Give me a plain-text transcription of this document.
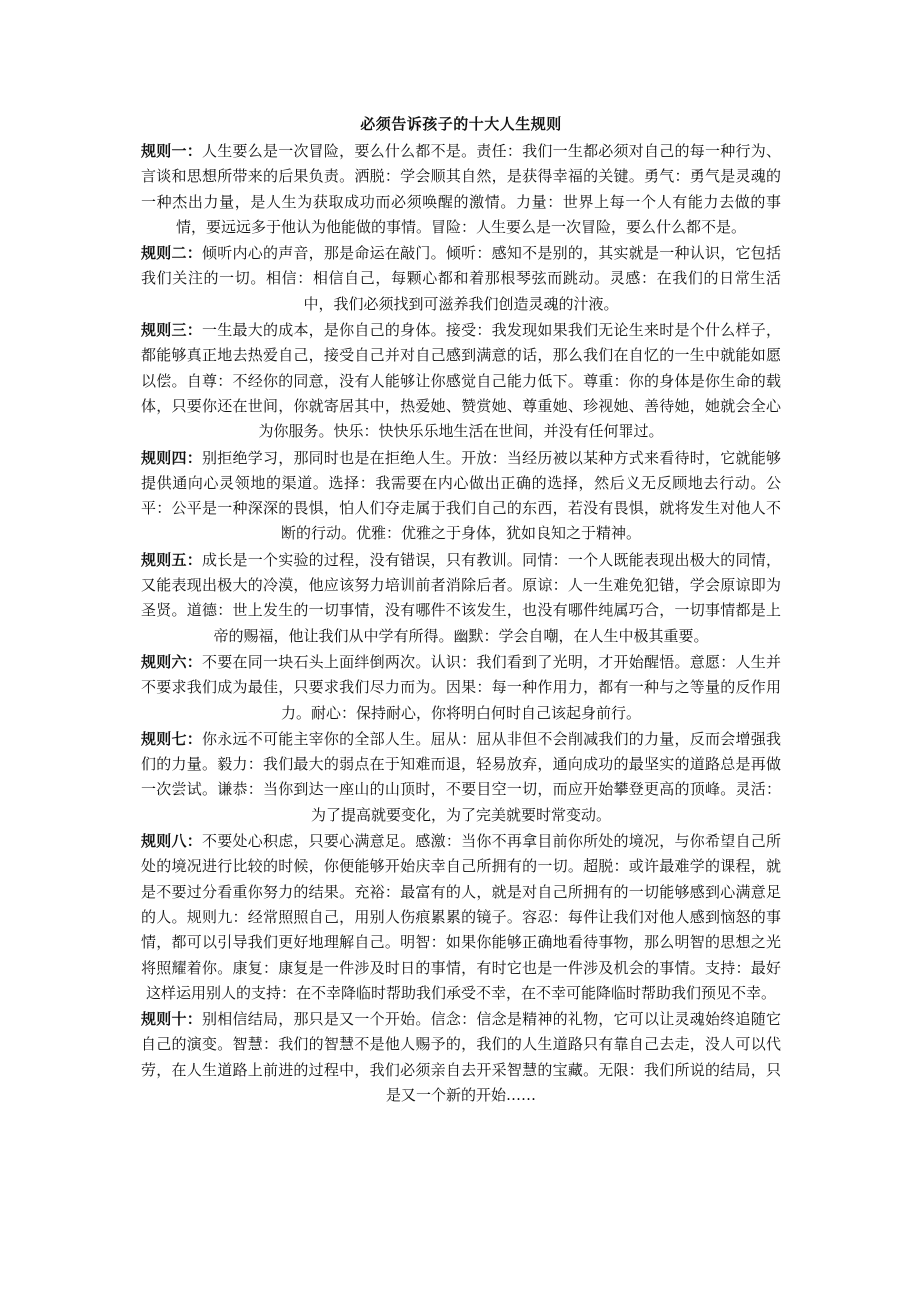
必须告诉孩子的十大人生规则

规则一：人生要么是一次冒险，要么什么都不是。责任：我们一生都必须对自己的每一种行为、言谈和思想所带来的后果负责。洒脱：学会顺其自然，是获得幸福的关键。勇气：勇气是灵魂的一种杰出力量，是人生为获取成功而必须唤醒的激情。力量：世界上每一个人有能力去做的事情，要远远多于他认为他能做的事情。冒险：人生要么是一次冒险，要么什么都不是。

规则二：倾听内心的声音，那是命运在敲门。倾听：感知不是别的，其实就是一种认识，它包括我们关注的一切。相信：相信自己，每颗心都和着那根琴弦而跳动。灵感：在我们的日常生活中，我们必须找到可滋养我们创造灵魂的汁液。

规则三：一生最大的成本，是你自己的身体。接受：我发现如果我们无论生来时是个什么样子，都能够真正地去热爱自己，接受自己并对自己感到满意的话，那么我们在自忆的一生中就能如愿以偿。自尊：不经你的同意，没有人能够让你感觉自己能力低下。尊重：你的身体是你生命的载体，只要你还在世间，你就寄居其中，热爱她、赞赏她、尊重她、珍视她、善待她，她就会全心为你服务。快乐：快快乐乐地生活在世间，并没有任何罪过。

规则四：别拒绝学习，那同时也是在拒绝人生。开放：当经历被以某种方式来看待时，它就能够提供通向心灵领地的渠道。选择：我需要在内心做出正确的选择，然后义无反顾地去行动。公平：公平是一种深深的畏惧，怕人们夺走属于我们自己的东西，若没有畏惧，就将发生对他人不断的行动。优雅：优雅之于身体，犹如良知之于精神。

规则五：成长是一个实验的过程，没有错误，只有教训。同情：一个人既能表现出极大的同情，又能表现出极大的冷漠，他应该努力培训前者消除后者。原谅：人一生难免犯错，学会原谅即为圣贤。道德：世上发生的一切事情，没有哪件不该发生，也没有哪件纯属巧合，一切事情都是上帝的赐福，他让我们从中学有所得。幽默：学会自嘲，在人生中极其重要。

规则六：不要在同一块石头上面绊倒两次。认识：我们看到了光明，才开始醒悟。意愿：人生并不要求我们成为最佳，只要求我们尽力而为。因果：每一种作用力，都有一种与之等量的反作用力。耐心：保持耐心，你将明白何时自己该起身前行。

规则七：你永远不可能主宰你的全部人生。屈从：屈从非但不会削减我们的力量，反而会增强我们的力量。毅力：我们最大的弱点在于知难而退，轻易放弃，通向成功的最坚实的道路总是再做一次尝试。谦恭：当你到达一座山的山顶时，不要目空一切，而应开始攀登更高的顶峰。灵活：为了提高就要变化，为了完美就要时常变动。

规则八：不要处心积虑，只要心满意足。感激：当你不再拿目前你所处的境况，与你希望自己所处的境况进行比较的时候，你便能够开始庆幸自己所拥有的一切。超脱：或许最难学的课程，就是不要过分看重你努力的结果。充裕：最富有的人，就是对自己所拥有的一切能够感到心满意足的人。规则九：经常照照自己，用别人伤痕累累的镜子。容忍：每件让我们对他人感到恼怒的事情，都可以引导我们更好地理解自己。明智：如果你能够正确地看待事物，那么明智的思想之光将照耀着你。康复：康复是一件涉及时日的事情，有时它也是一件涉及机会的事情。支持：最好这样运用别人的支持：在不幸降临时帮助我们承受不幸，在不幸可能降临时帮助我们预见不幸。

规则十：别相信结局，那只是又一个开始。信念：信念是精神的礼物，它可以让灵魂始终追随它自己的演变。智慧：我们的智慧不是他人赐予的，我们的人生道路只有靠自己去走，没人可以代劳，在人生道路上前进的过程中，我们必须亲自去开采智慧的宝藏。无限：我们所说的结局，只是又一个新的开始……
